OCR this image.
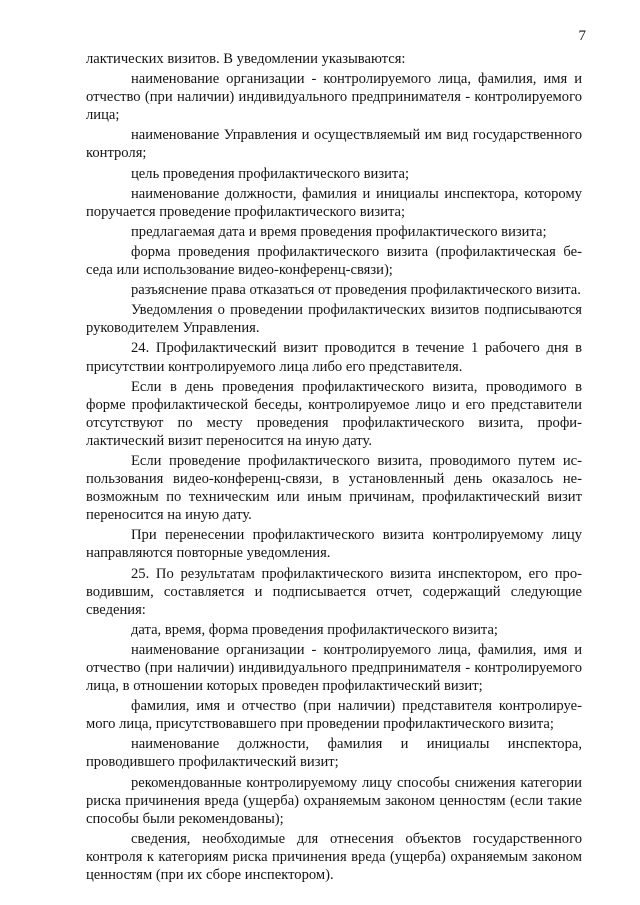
7

лактических визитов. В уведомлении указываются:

наименование организации - контролируемого лица, фамилия, имя и отчество (при наличии) индивидуального предпринимателя - контролируемого лица;

наименование Управления и осуществляемый им вид государственного контроля;

цель проведения профилактического визита;

наименование должности, фамилия и инициалы инспектора, которому поручается проведение профилактического визита;

предлагаемая дата и время проведения профилактического визита;

форма проведения профилактического визита (профилактическая беседа или использование видео-конференц-связи);

разъяснение права отказаться от проведения профилактического визита.

Уведомления о проведении профилактических визитов подписываются руководителем Управления.

24. Профилактический визит проводится в течение 1 рабочего дня в присутствии контролируемого лица либо его представителя.

Если в день проведения профилактического визита, проводимого в форме профилактической беседы, контролируемое лицо и его представители отсутствуют по месту проведения профилактического визита, профилактический визит переносится на иную дату.

Если проведение профилактического визита, проводимого путем использования видео-конференц-связи, в установленный день оказалось невозможным по техническим или иным причинам, профилактический визит переносится на иную дату.

При перенесении профилактического визита контролируемому лицу направляются повторные уведомления.

25. По результатам профилактического визита инспектором, его проводившим, составляется и подписывается отчет, содержащий следующие сведения:

дата, время, форма проведения профилактического визита;

наименование организации - контролируемого лица, фамилия, имя и отчество (при наличии) индивидуального предпринимателя - контролируемого лица, в отношении которых проведен профилактический визит;

фамилия, имя и отчество (при наличии) представителя контролируемого лица, присутствовавшего при проведении профилактического визита;

наименование должности, фамилия и инициалы инспектора, проводившего профилактический визит;

рекомендованные контролируемому лицу способы снижения категории риска причинения вреда (ущерба) охраняемым законом ценностям (если такие способы были рекомендованы);

сведения, необходимые для отнесения объектов государственного контроля к категориям риска причинения вреда (ущерба) охраняемым законом ценностям (при их сборе инспектором).
